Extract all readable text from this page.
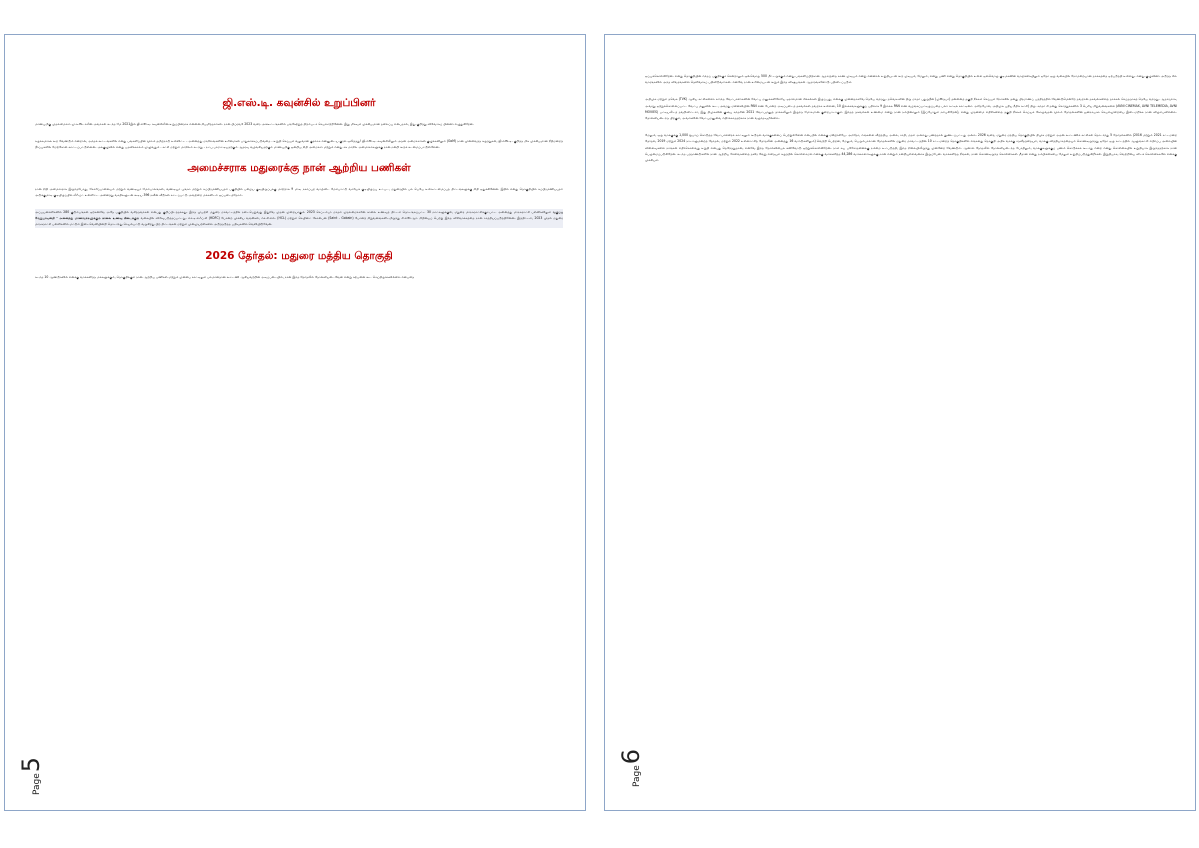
ஜி.எஸ்.டி. கவுன்சில் உறுப்பினர்

மாண்புமிகு முதலமைச்சர் மு.க.ஸ்டாலின் அவர்கள் கடந்த மே 2021இல் ஜி.எஸ்.டி. கவுன்சிலின் உறுப்பினராக என்னை நியமித்தார்கள். நான் பிப்ரவரி 2023 வரை அக்கூட்டங்களில் பங்கேற்றுத் திறம்படச் செயலாற்றினேன். இது மிகவும் முக்கியமான தலைப்பு என்பதால், இது குறித்து விரிவாகப் பின்னர் எழுதுகிறேன்.

சுருக்கமாகக் கூற வேண்டும் என்றால், அந்தக் கூட்டங்களில் எனது பங்களிப்பின் மூலம் தமிழ்நாடு உள்ளிட்ட - அனைத்து மாநிலங்களின் உரிமைகள் பாதுகாக்கப்படுவதை - உறுதி செய்யும் வலுவான குரலாக என்னுடைய குரல் ஒலித்தது! ஜி.எஸ்.டி. கவுன்சிலிலும் அதன் அமைச்சர்கள் குழுக்களிலும் (GoM) நான் முன்வைத்த கருத்துகள், ஜி.எஸ்.டி. குறித்த மிக முக்கியமான நீதிமன்றத் தீர்ப்புகளில் மேற்கோள் காட்டப்பட்டுள்ளன. அக்குழுவில் எனது பதவிக்காலம் முழுவதும் - கட்சி மற்றும் மாநிலம் கடந்து - நட்பு பாராட்டியதற்கும் ஆதரவு வழங்கியதற்கும் மாண்புமிகு ஒன்றிய நிதி அமைச்சர் மற்றும் எனது சக மாநில அமைச்சர்களுக்கு நான் நன்றி கூறக் கடமைப்பட்டுள்ளேன்.

அமைச்சராக மதுரைக்கு நான் ஆற்றிய பணிகள்

நான் நிதி அமைச்சராக இருந்தபோது, கோரிப்பாளையம் மற்றும் வண்டியூர் மேம்பாலங்கள், வண்டியூர் பூங்கா மற்றும் சுப்பிரமணியபுரம் பகுதியில் பழைய குடியிருப்புக்கு மாற்றாக 9 மாடி நகர்ப்புற வாழ்விட மேம்பாட்டு வாரியக் குடியிருப்பு உட்பட, மதுரையில் பல பெரிய உள்கட்டமைப்புத் திட்டங்களுக்கு நிதி ஒதுக்கினேன். இதில் எனது தொகுதியில் சுப்பிரமணியபுரம் அடுக்குமாடி குடியிருப்பில் லிஃப்ட் உள்ளிட்ட அனைத்து வசதிகளுடன் கூடிய 396 நவீன வீடுகள் கட்டப்பட்டு அவற்றை மக்களிடம் ஒப்படைத்தோம்.

அப்பயனாளிகளில் 280 குடும்பங்கள் ஏற்கனவே அதே பகுதியில் வசித்தவர்கள் என்பது குறிப்பிடத்தக்கது. இந்த முயற்சி மதுரை மாவட்டத்தில் நடைபெறுவது இதுவே முதன் முறையாகும். 2023 செப்டம்பர் மாதம் முதலமைச்சரின் காலை உணவுத் திட்டம் தொடங்கப்பட்ட 30 நாட்களுக்குள், மதுரை மாநகராட்சிக்குட்பட்ட அனைத்து மாநகராட்சி பள்ளிகளிலும் வகுப்பு வேறுபாடின்றி - அனைத்து மாணவர்களுக்கும் காலை உணவு கிடைக்கும் வகையில் விரிவுபடுத்தப்பட்டது. எச்.டி.எஃப்.சி (HDFC) போன்ற முக்கிய வங்கிகள், எச்.சி.எல். (HCL) மற்றும் செயின்ட் கோபைன் (Saint - Gobain) போன்ற நிறுவனங்களிடமிருந்து சி.எஸ்.ஆர். நிதியைப் பெற்று இந்த விரிவாக்கத்தை நான் சாத்தியப்படுத்தினேன். இத்திட்டம், 2023 முதல் மதுரை மாநகராட்சி பள்ளிகளில் மட்டும் இடைவெளியின்றி தொடர்ந்து செயல்பட்டு வருகிறது பிற திட்டங்கள் மற்றும் முன்முயற்சிகளை அடுத்தடுத்த பதிவுகளில் வெளியிடுவேன்.

2026 தேர்தல்: மதுரை மத்திய தொகுதி

கடந்த 10 ஆண்டுகளில் எனக்கு வாக்களித்த மக்களுக்கும், தொகுதிக்கும் நான் ஆற்றிய பணிகள் மற்றும் முன்பை காட்டிலும் பலமானதான கூட்டணி ஆகியவற்றின் அடிப்படையில், நான் இந்த தேர்தலில் தோல்வியடைவேன் என்று கற்பனை கூட செய்திருக்கவில்லை என்பதை

Page5

ஒப்புக்கொள்கிறேன். எனது தொகுதியின் எந்தப் பகுதிக்குச் சென்றாலும் ஒவ்வொரு 500 மீட்டருக்கும் எனது பங்களிப்பிற்கான ஆதாரத்தை காண முடியும் என்று என்னால் உறுதியுடன் கூற முடியும், மேலும், எனது பணி எனது தொகுதியில் உள்ள ஒவ்வொரு குடிமகனின் வாழ்க்கையிலும் ஏதோ ஒரு வகையில் நேர்மறையான தாக்கத்தை ஏற்படுத்தி உள்ளது. எனது குழுவினர் அடுத்த சில வாரங்களில் அந்த விவரங்களை தெளிவாகப் பதிவிடுவார்கள். எனவே நான் உரிமையுடன் கூறும் இந்த விஷயங்கள் ஆதாரங்களோடு பதிவிடப்படும்.

அதிமுக மற்றும் தவெக (TVK) ஆகிய கட்சிகளைச் சார்ந்த வேட்பாளர்களின் வேட்பு மனுக்களிலேயே ஏராளமான சிக்கல்கள் இருப்பது, எனக்கு முன்னதாகவே தெரிய வந்தது. தவெக-வின் திரு மாதர் பதுருதீன் (முஸ்தபா) தன்னைத் தகுதி நீக்கம் செய்யும் நோக்கில் தனது பிரமாணப் பத்திரத்தில் வேண்டுமென்றே தவறான தகவல்களைத் தாக்கல் செய்ததாகத் தெரிய வந்தது. ஆதாரமாக, அவரது ஏற்றுக்கொள்ளப்பட்ட வேட்பு மனுவில் கூட, அவரது மனைவியின் PAN எண் போன்ற அடிப்படைத் தகவல்கள் தவறாக உள்ளன, 10 இலக்கங்களுக்குப் பதிலாக 9 இலக்க PAN எண் வழங்கப்பட்டிருப்பதை பலர் சுட்டிக் காட்டினர். அதேபோல், அதிமுக புதிய நீதிக் கட்சி) திரு. சுந்தர் சி தனது சொத்துக்களில் 3 பெரிய நிறுவனங்களை (AVNI CINEMAX, AVNI TELEMEDIA, AVNI MOVIES) பட்டியலிடத் தவறிவிட்டார், இது திமுகவின் குஷ்பு சுந்தரின் 2021 வேட்புமனுத் தாக்கலிலும் இருந்த மோசமான குறைபாடாகும். இந்தத் தகவல்கள் உண்மை என்று நான் நம்பினாலும் (இப்போதும் நம்புகிறேன்), எனது முதன்மை எதிரிகளைத் தகுதி நீக்கம் செய்யக் கோருவதன் மூலம் தேர்தல்களின் ஜனநாயகச் செயல்முறையை இடைமறிக்க நான் விரும்பவில்லை. தோல்வியடைந்த பிறகும், அவர்களின் வேட்புமனுவை எதிர்க்காததற்காக நான் வருந்தவுமில்லை.

மேலும், ஒரு வாக்குக்கு 1,000 ரூபாய் கொடுத்த வேட்பாளரைக் காட்டிலும் கூடுதல் வாக்குகளைப் பெற்றுள்ளேன் என்பதில் எனக்கு மகிழ்ச்சியே. அந்தோ, எங்களை வீழ்த்திய அலை, சாதி, மதம் அல்லது பணத்தால் தூண்டப்பட்டது அல்ல. 2026 வரை, மதுரை மத்திய தொகுதியில் திமுக மற்றும் அதன் கூட்டணிக் கட்சிகள் தொடர்ந்து 5 தேர்தல்களில் (2016 மற்றும் 2021 சட்டமன்ற தேர்தல், 2019 மற்றும் 2024 நாடாளுமன்றத் தேர்தல், மற்றும் 2022 உள்ளாட்சித் தேர்தலின் அனைத்து 16 வார்டுகளிலும்) வெற்றி பெற்றன, மேலும், பெரும்பாலான தேர்தல்களில் மதுரை மாவட்டத்தின் 10 சட்டமன்றத் தொகுதிகளில் எங்களது தொகுதி அதிக வாக்கு சதவீதத்தையும், வாக்கு வித்தியாசத்தையும் கொண்டிருந்தது ஏதோ ஒரு கட்டத்தில் ஆளுங்கட்சி எதிர்ப்பு அலையின் விளைவுகளை நாங்கள் எதிர்கொள்வது உறுதி என்பது தெரிந்ததுதான், எனவே இந்த தோல்வியைக் கனிவோடு ஏற்றுக்கொள்கிறேன். நாம் சுய பரிசோதனைக்கு நம்மை உட்படுத்தி, இந்த நிலையிலிருந்து முன்னேற வேண்டும். ஆனால் தேர்தலில் தோல்வியடைந்த போதிலும், வாக்குகளுக்குப் பணம் கொடுக்கக் கூடாது என்ற எனது கொள்கையில் உறுதியாக இருந்ததற்காக நான் பெருமைப்படுகிறேன். கடந்த பத்தாண்டுகளில் நான் ஆற்றிய சேவைகளைத் தவிர வேறு எதையும் கருத்தில் கொள்ளாமல் எனக்கு வாக்களித்த 44,286 வாக்காளர்களுக்கு நான் என்றும் நன்றியுள்ளவனாக இருப்பேன். வாக்களித்த நீங்கள், நான் கொண்டிருந்த கொள்கைகள் மீதான எனது நம்பிக்கையை மேலும் உறுதிப்படுத்துகிறீர்கள். இறுதியாக, வெற்றியை விடக் கொள்கைகளே எனக்கு முக்கியம்.

Page6
